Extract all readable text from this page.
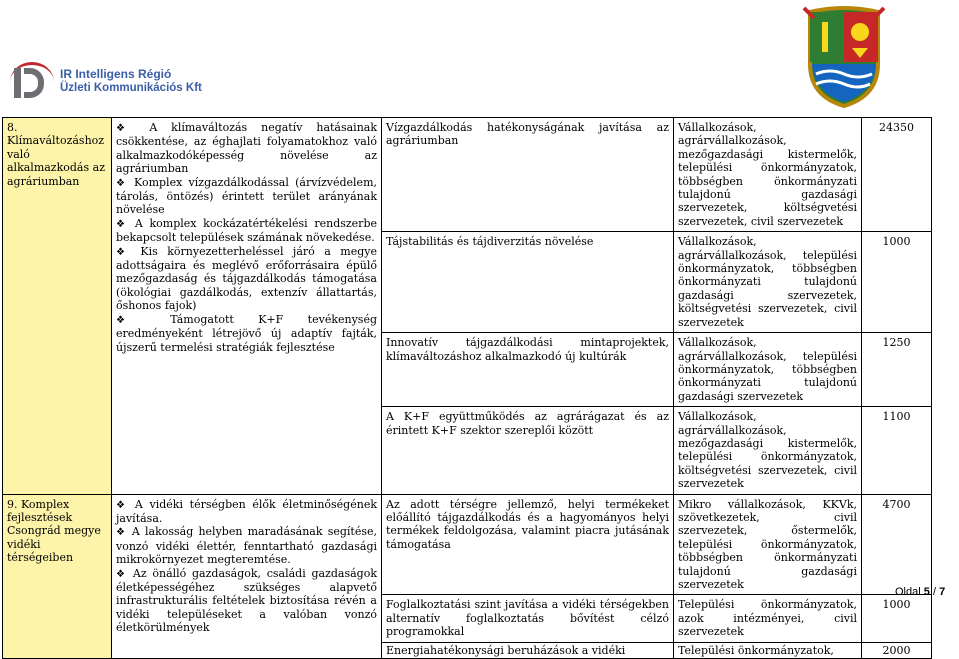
IR Intelligens Régió
Üzleti Kommunikációs Kft
8. Klímaváltozáshoz való alkalmazkodás az agráriumban	❖ A klímaváltozás negatív hatásainak csökkentése, az éghajlati folyamatokhoz való alkalmazkodóképesség növelése az agráriumban
❖ Komplex vízgazdálkodással (árvízvédelem, tárolás, öntözés) érintett terület arányának növelése
❖ A komplex kockázatértékelési rendszerbe bekapcsolt települések számának növekedése.
❖ Kis környezetterheléssel járó a megye adottságaira és meglévő erőforrásaira épülő mezőgazdaság és tájgazdálkodás támogatása (ökológiai gazdálkodás, extenzív állattartás, őshonos fajok)
❖ Támogatott K+F tevékenység eredményeként létrejövő új adaptív fajták, újszerű termelési stratégiák fejlesztése	Vízgazdálkodás hatékonyságának javítása az agráriumban	Vállalkozások, agrárvállalkozások, mezőgazdasági kistermelők, települési önkormányzatok, többségben önkormányzati tulajdonú gazdasági szervezetek, költségvetési szervezetek, civil szervezetek	24350
		Tájstabilitás és tájdiverzitás növelése	Vállalkozások, agrárvállalkozások, települési önkormányzatok, többségben önkormányzati tulajdonú gazdasági szervezetek, költségvetési szervezetek, civil szervezetek	1000
		Innovatív tájgazdálkodási mintaprojektek, klímaváltozáshoz alkalmazkodó új kultúrák	Vállalkozások, agrárvállalkozások, települési önkormányzatok, többségben önkormányzati tulajdonú gazdasági szervezetek	1250
		A K+F együttműködés az agrárágazat és az érintett K+F szektor szereplői között	Vállalkozások, agrárvállalkozások, mezőgazdasági kistermelők, települési önkormányzatok, költségvetési szervezetek, civil szervezetek	1100
9. Komplex fejlesztések Csongrád megye vidéki térségeiben	❖ A vidéki térségben élők életminőségének javítása.
❖ A lakosság helyben maradásának segítése, vonzó vidéki élettér, fenntartható gazdasági mikrokörnyezet megteremtése.
❖ Az önálló gazdaságok, családi gazdaságok életképességéhez szükséges alapvető infrastrukturális feltételek biztosítása révén a vidéki településeket a valóban vonzó életkörülmények	Az adott térségre jellemző, helyi termékeket előállító tájgazdálkodás és a hagyományos helyi termékek feldolgozása, valamint piacra jutásának támogatása	Mikro vállalkozások, KKVk, szövetkezetek, civil szervezetek, őstermelők, települési önkormányzatok, többségben önkormányzati tulajdonú gazdasági szervezetek	4700
		Foglalkoztatási szint javítása a vidéki térségekben alternatív foglalkoztatás bővítést célzó programokkal	Települési önkormányzatok, azok intézményei, civil szervezetek	1000
		Energiahatékonysági beruházások a vidéki	Települési önkormányzatok,	2000
Oldal 5 / 7
